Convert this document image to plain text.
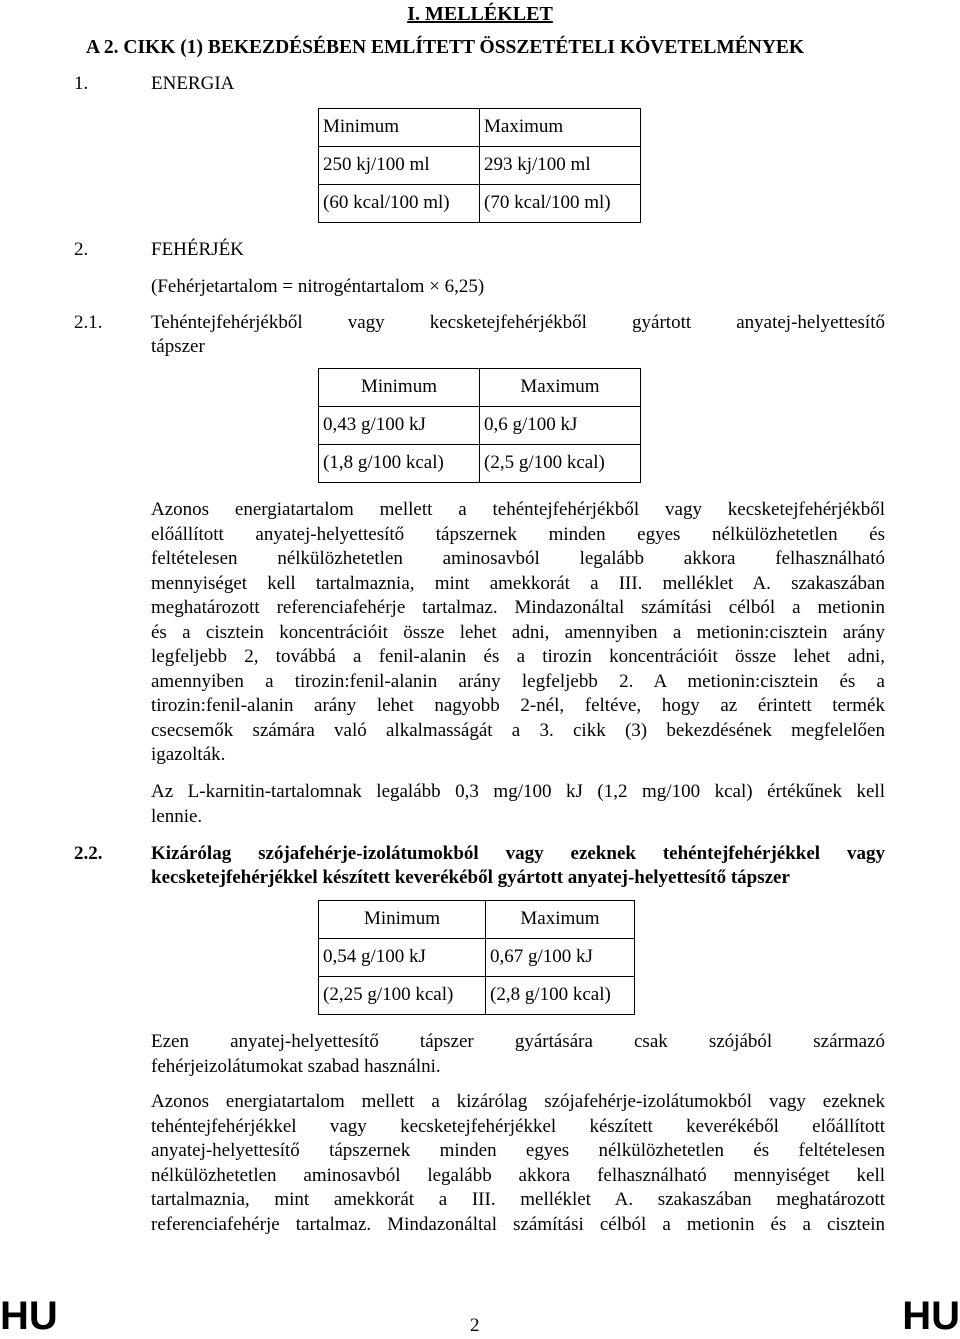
I. MELLÉKLET
A 2. CIKK (1) BEKEZDÉSÉBEN EMLÍTETT ÖSSZETÉTELI KÖVETELMÉNYEK
1.	ENERGIA
Minimum	Maximum
250 kj/100 ml	293 kj/100 ml
(60 kcal/100 ml)	(70 kcal/100 ml)
2.	FEHÉRJÉK
(Fehérjetartalom = nitrogéntartalom × 6,25)
2.1.	Tehéntejfehérjékből vagy kecsketejfehérjékből gyártott anyatej-helyettesítő
tápszer
Minimum	Maximum
0,43 g/100 kJ	0,6 g/100 kJ
(1,8 g/100 kcal)	(2,5 g/100 kcal)
Azonos energiatartalom mellett a tehéntejfehérjékből vagy kecsketejfehérjékből
előállított anyatej-helyettesítő tápszernek minden egyes nélkülözhetetlen és
feltételesen nélkülözhetetlen aminosavból legalább akkora felhasználható
mennyiséget kell tartalmaznia, mint amekkorát a III. melléklet A. szakaszában
meghatározott referenciafehérje tartalmaz. Mindazonáltal számítási célból a metionin
és a cisztein koncentrációit össze lehet adni, amennyiben a metionin:cisztein arány
legfeljebb 2, továbbá a fenil-alanin és a tirozin koncentrációit össze lehet adni,
amennyiben a tirozin:fenil-alanin arány legfeljebb 2. A metionin:cisztein és a
tirozin:fenil-alanin arány lehet nagyobb 2-nél, feltéve, hogy az érintett termék
csecsemők számára való alkalmasságát a 3. cikk (3) bekezdésének megfelelően
igazolták.
Az L-karnitin-tartalomnak legalább 0,3 mg/100 kJ (1,2 mg/100 kcal) értékűnek kell
lennie.
2.2.	Kizárólag szójafehérje-izolátumokból vagy ezeknek tehéntejfehérjékkel vagy
kecsketejfehérjékkel készített keverékéből gyártott anyatej-helyettesítő tápszer
Minimum	Maximum
0,54 g/100 kJ	0,67 g/100 kJ
(2,25 g/100 kcal)	(2,8 g/100 kcal)
Ezen anyatej-helyettesítő tápszer gyártására csak szójából származó
fehérjeizolátumokat szabad használni.
Azonos energiatartalom mellett a kizárólag szójafehérje-izolátumokból vagy ezeknek
tehéntejfehérjékkel vagy kecsketejfehérjékkel készített keverékéből előállított
anyatej-helyettesítő tápszernek minden egyes nélkülözhetetlen és feltételesen
nélkülözhetetlen aminosavból legalább akkora felhasználható mennyiséget kell
tartalmaznia, mint amekkorát a III. melléklet A. szakaszában meghatározott
referenciafehérje tartalmaz. Mindazonáltal számítási célból a metionin és a cisztein
HU	2	HU
